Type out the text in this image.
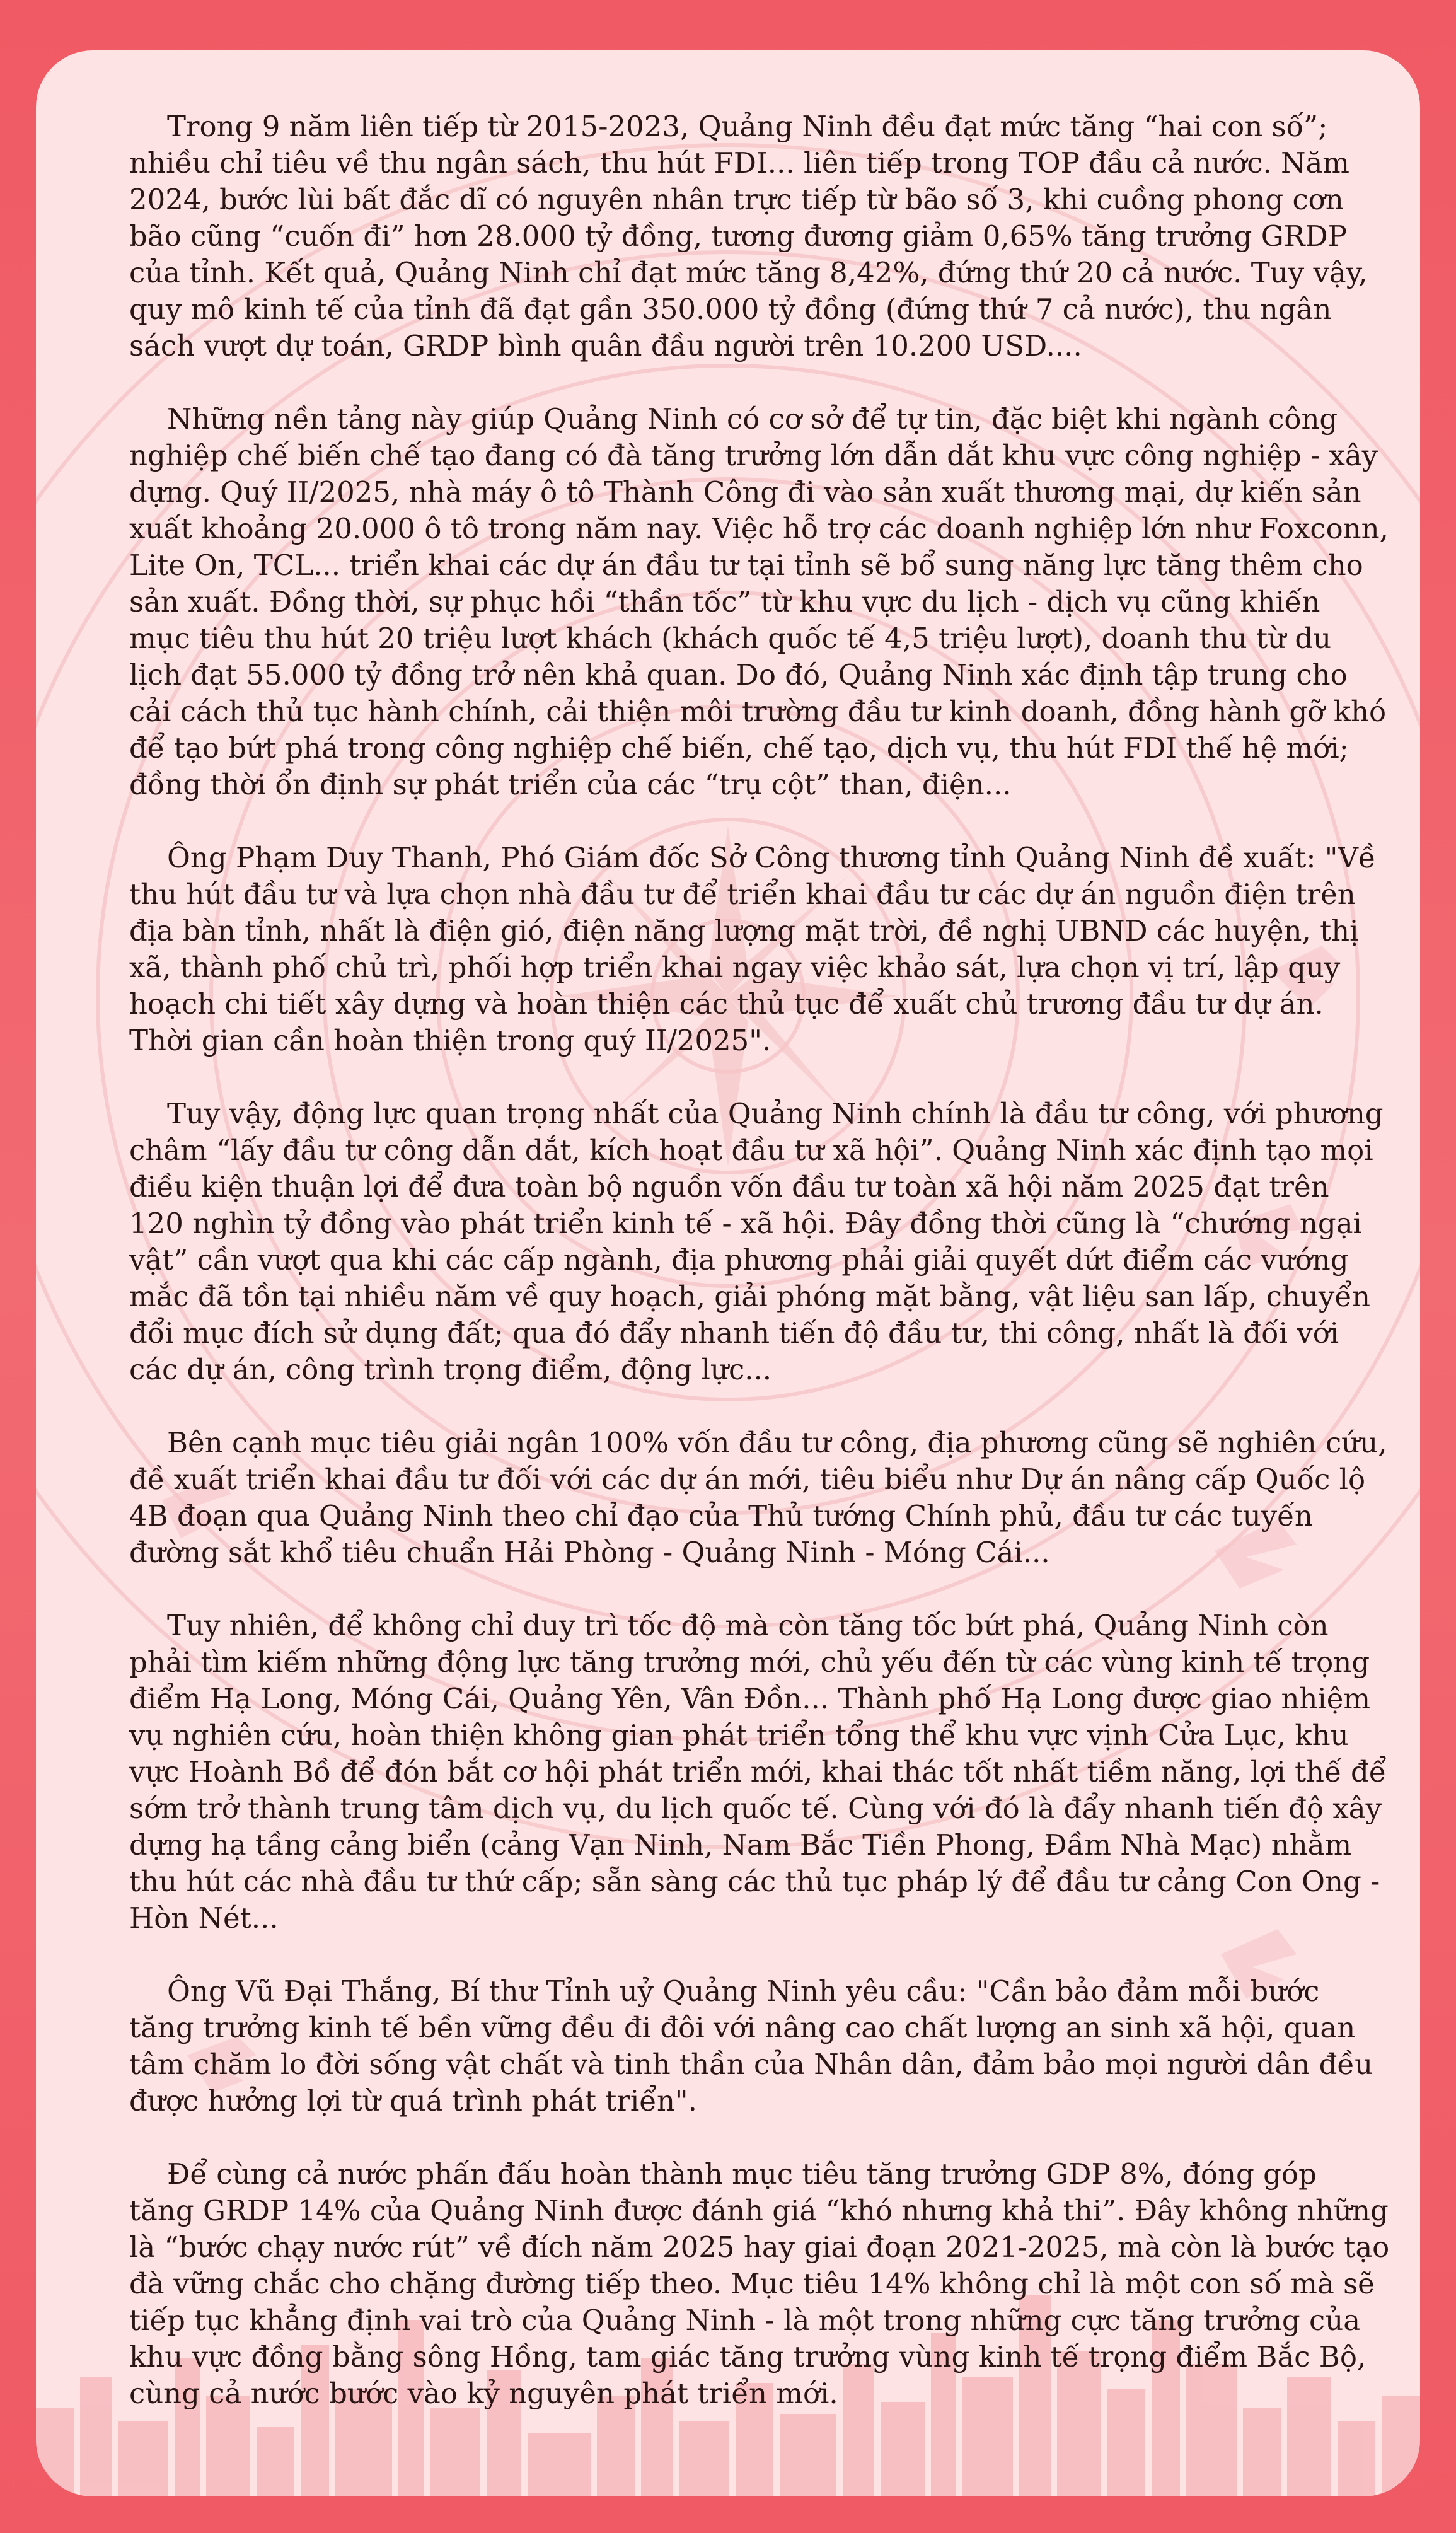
Trong 9 năm liên tiếp từ 2015-2023, Quảng Ninh đều đạt mức tăng “hai con số”; nhiều chỉ tiêu về thu ngân sách, thu hút FDI... liên tiếp trong TOP đầu cả nước. Năm 2024, bước lùi bất đắc dĩ có nguyên nhân trực tiếp từ bão số 3, khi cuồng phong cơn bão cũng “cuốn đi” hơn 28.000 tỷ đồng, tương đương giảm 0,65% tăng trưởng GRDP của tỉnh. Kết quả, Quảng Ninh chỉ đạt mức tăng 8,42%, đứng thứ 20 cả nước. Tuy vậy, quy mô kinh tế của tỉnh đã đạt gần 350.000 tỷ đồng (đứng thứ 7 cả nước), thu ngân sách vượt dự toán, GRDP bình quân đầu người trên 10.200 USD....

Những nền tảng này giúp Quảng Ninh có cơ sở để tự tin, đặc biệt khi ngành công nghiệp chế biến chế tạo đang có đà tăng trưởng lớn dẫn dắt khu vực công nghiệp - xây dựng. Quý II/2025, nhà máy ô tô Thành Công đi vào sản xuất thương mại, dự kiến sản xuất khoảng 20.000 ô tô trong năm nay. Việc hỗ trợ các doanh nghiệp lớn như Foxconn, Lite On, TCL... triển khai các dự án đầu tư tại tỉnh sẽ bổ sung năng lực tăng thêm cho sản xuất. Đồng thời, sự phục hồi “thần tốc” từ khu vực du lịch - dịch vụ cũng khiến mục tiêu thu hút 20 triệu lượt khách (khách quốc tế 4,5 triệu lượt), doanh thu từ du lịch đạt 55.000 tỷ đồng trở nên khả quan. Do đó, Quảng Ninh xác định tập trung cho cải cách thủ tục hành chính, cải thiện môi trường đầu tư kinh doanh, đồng hành gỡ khó để tạo bứt phá trong công nghiệp chế biến, chế tạo, dịch vụ, thu hút FDI thế hệ mới; đồng thời ổn định sự phát triển của các “trụ cột” than, điện...

Ông Phạm Duy Thanh, Phó Giám đốc Sở Công thương tỉnh Quảng Ninh đề xuất: "Về thu hút đầu tư và lựa chọn nhà đầu tư để triển khai đầu tư các dự án nguồn điện trên địa bàn tỉnh, nhất là điện gió, điện năng lượng mặt trời, đề nghị UBND các huyện, thị xã, thành phố chủ trì, phối hợp triển khai ngay việc khảo sát, lựa chọn vị trí, lập quy hoạch chi tiết xây dựng và hoàn thiện các thủ tục để xuất chủ trương đầu tư dự án. Thời gian cần hoàn thiện trong quý II/2025".

Tuy vậy, động lực quan trọng nhất của Quảng Ninh chính là đầu tư công, với phương châm “lấy đầu tư công dẫn dắt, kích hoạt đầu tư xã hội”. Quảng Ninh xác định tạo mọi điều kiện thuận lợi để đưa toàn bộ nguồn vốn đầu tư toàn xã hội năm 2025 đạt trên 120 nghìn tỷ đồng vào phát triển kinh tế - xã hội. Đây đồng thời cũng là “chướng ngại vật” cần vượt qua khi các cấp ngành, địa phương phải giải quyết dứt điểm các vướng mắc đã tồn tại nhiều năm về quy hoạch, giải phóng mặt bằng, vật liệu san lấp, chuyển đổi mục đích sử dụng đất; qua đó đẩy nhanh tiến độ đầu tư, thi công, nhất là đối với các dự án, công trình trọng điểm, động lực...

Bên cạnh mục tiêu giải ngân 100% vốn đầu tư công, địa phương cũng sẽ nghiên cứu, đề xuất triển khai đầu tư đối với các dự án mới, tiêu biểu như Dự án nâng cấp Quốc lộ 4B đoạn qua Quảng Ninh theo chỉ đạo của Thủ tướng Chính phủ, đầu tư các tuyến đường sắt khổ tiêu chuẩn Hải Phòng - Quảng Ninh - Móng Cái...

Tuy nhiên, để không chỉ duy trì tốc độ mà còn tăng tốc bứt phá, Quảng Ninh còn phải tìm kiếm những động lực tăng trưởng mới, chủ yếu đến từ các vùng kinh tế trọng điểm Hạ Long, Móng Cái, Quảng Yên, Vân Đồn... Thành phố Hạ Long được giao nhiệm vụ nghiên cứu, hoàn thiện không gian phát triển tổng thể khu vực vịnh Cửa Lục, khu vực Hoành Bồ để đón bắt cơ hội phát triển mới, khai thác tốt nhất tiềm năng, lợi thế để sớm trở thành trung tâm dịch vụ, du lịch quốc tế. Cùng với đó là đẩy nhanh tiến độ xây dựng hạ tầng cảng biển (cảng Vạn Ninh, Nam Bắc Tiền Phong, Đầm Nhà Mạc) nhằm thu hút các nhà đầu tư thứ cấp; sẵn sàng các thủ tục pháp lý để đầu tư cảng Con Ong - Hòn Nét...

Ông Vũ Đại Thắng, Bí thư Tỉnh uỷ Quảng Ninh yêu cầu: "Cần bảo đảm mỗi bước tăng trưởng kinh tế bền vững đều đi đôi với nâng cao chất lượng an sinh xã hội, quan tâm chăm lo đời sống vật chất và tinh thần của Nhân dân, đảm bảo mọi người dân đều được hưởng lợi từ quá trình phát triển".

Để cùng cả nước phấn đấu hoàn thành mục tiêu tăng trưởng GDP 8%, đóng góp tăng GRDP 14% của Quảng Ninh được đánh giá “khó nhưng khả thi”. Đây không những là “bước chạy nước rút” về đích năm 2025 hay giai đoạn 2021-2025, mà còn là bước tạo đà vững chắc cho chặng đường tiếp theo. Mục tiêu 14% không chỉ là một con số mà sẽ tiếp tục khẳng định vai trò của Quảng Ninh - là một trong những cực tăng trưởng của khu vực đồng bằng sông Hồng, tam giác tăng trưởng vùng kinh tế trọng điểm Bắc Bộ, cùng cả nước bước vào kỷ nguyên phát triển mới.
